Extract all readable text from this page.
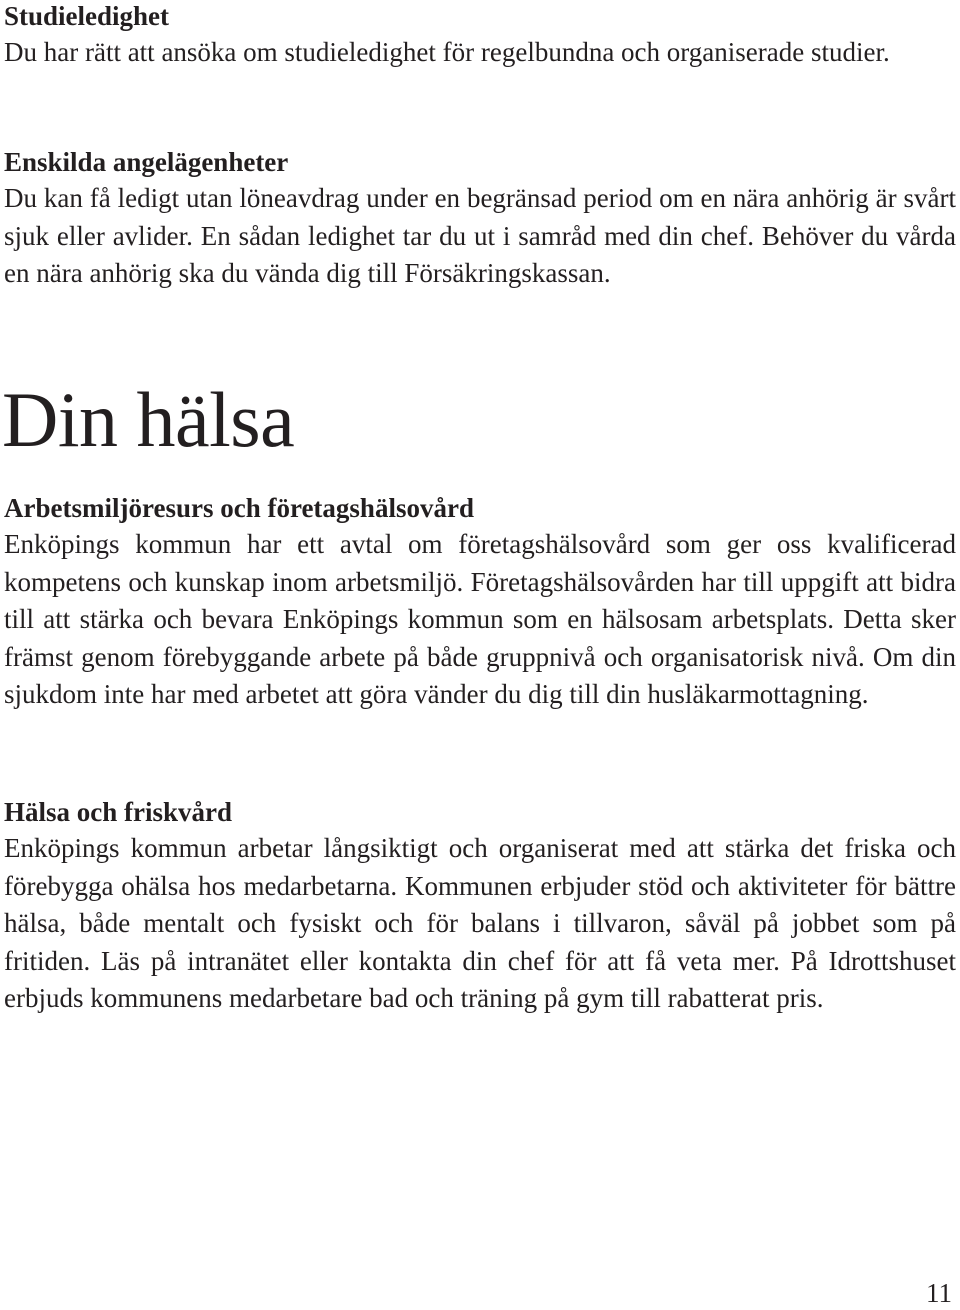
Studieledighet

Du har rätt att ansöka om studieledighet för regelbundna och organiserade studier.

Enskilda angelägenheter

Du kan få ledigt utan löneavdrag under en begränsad period om en nära anhörig är svårt sjuk eller avlider. En sådan ledighet tar du ut i samråd med din chef. Behöver du vårda en nära anhörig ska du vända dig till Försäkringskassan.

Din hälsa
Arbetsmiljöresurs och företagshälsovård

Enköpings kommun har ett avtal om företagshälsovård som ger oss kvalificerad kompetens och kunskap inom arbetsmiljö. Företagshälsovården har till uppgift att bidra till att stärka och bevara Enköpings kommun som en hälsosam arbetsplats. Detta sker främst genom förebyggande arbete på både gruppnivå och organisatorisk nivå. Om din sjukdom inte har med arbetet att göra vänder du dig till din husläkarmottagning.

Hälsa och friskvård

Enköpings kommun arbetar långsiktigt och organiserat med att stärka det friska och förebygga ohälsa hos medarbetarna. Kommunen erbjuder stöd och aktiviteter för bättre hälsa, både mentalt och fysiskt och för balans i tillvaron, såväl på jobbet som på fritiden. Läs på intranätet eller kontakta din chef för att få veta mer. På Idrottshuset erbjuds kommunens medarbetare bad och träning på gym till rabatterat pris.

11
